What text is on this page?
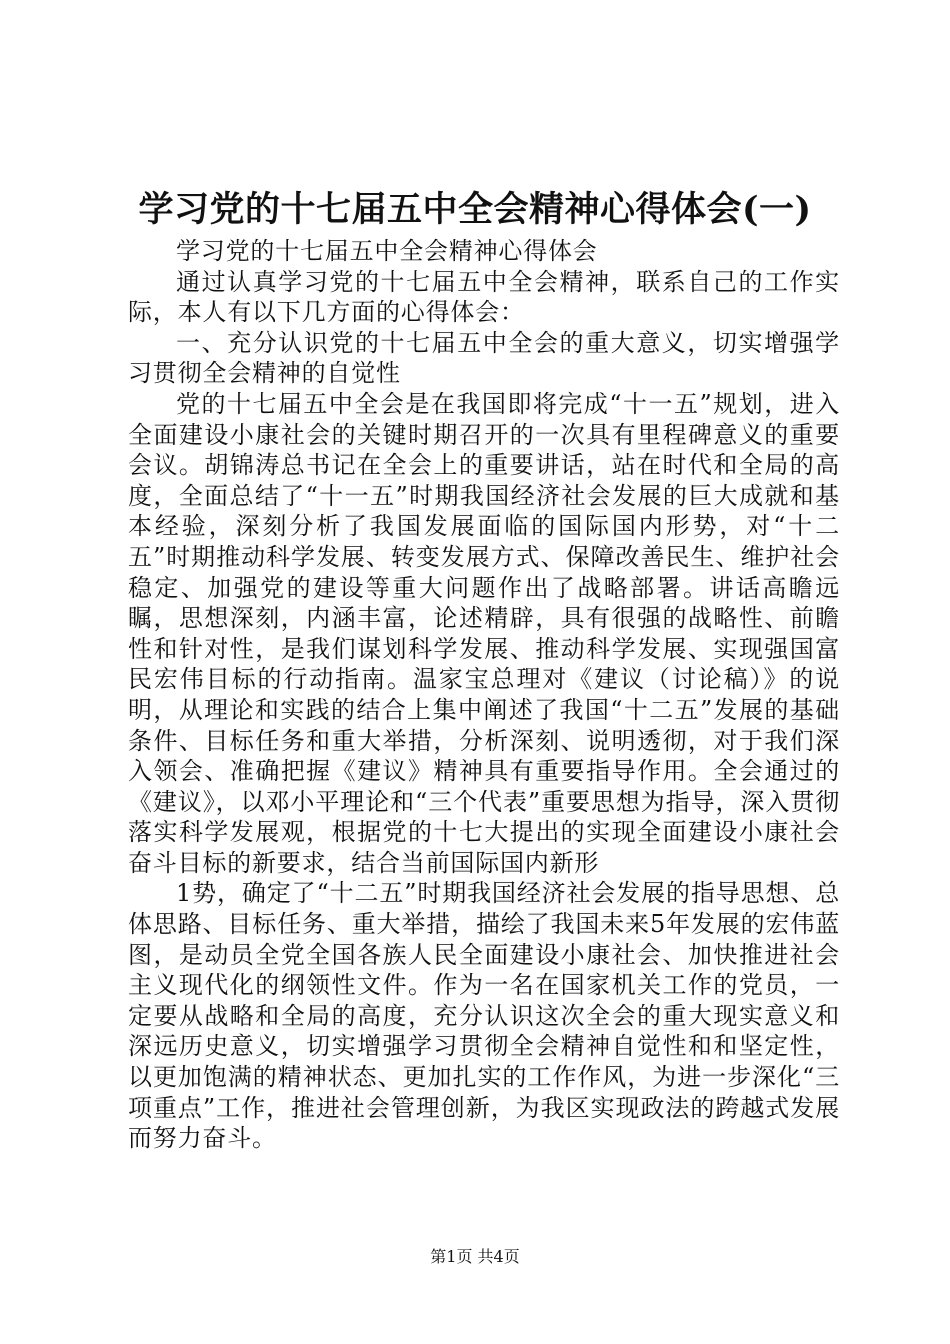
学习党的十七届五中全会精神心得体会(一)

学习党的十七届五中全会精神心得体会

通过认真学习党的十七届五中全会精神，联系自己的工作实际，本人有以下几方面的心得体会：

一、充分认识党的十七届五中全会的重大意义，切实增强学习贯彻全会精神的自觉性

党的十七届五中全会是在我国即将完成“十一五”规划，进入全面建设小康社会的关键时期召开的一次具有里程碑意义的重要会议。胡锦涛总书记在全会上的重要讲话，站在时代和全局的高度，全面总结了“十一五”时期我国经济社会发展的巨大成就和基本经验，深刻分析了我国发展面临的国际国内形势，对“十二五”时期推动科学发展、转变发展方式、保障改善民生、维护社会稳定、加强党的建设等重大问题作出了战略部署。讲话高瞻远瞩，思想深刻，内涵丰富，论述精辟，具有很强的战略性、前瞻性和针对性，是我们谋划科学发展、推动科学发展、实现强国富民宏伟目标的行动指南。温家宝总理对《建议（讨论稿）》的说明，从理论和实践的结合上集中阐述了我国“十二五”发展的基础条件、目标任务和重大举措，分析深刻、说明透彻，对于我们深入领会、准确把握《建议》精神具有重要指导作用。全会通过的《建议》，以邓小平理论和“三个代表”重要思想为指导，深入贯彻落实科学发展观，根据党的十七大提出的实现全面建设小康社会奋斗目标的新要求，结合当前国际国内新形

1势，确定了“十二五”时期我国经济社会发展的指导思想、总体思路、目标任务、重大举措，描绘了我国未来5年发展的宏伟蓝图，是动员全党全国各族人民全面建设小康社会、加快推进社会主义现代化的纲领性文件。作为一名在国家机关工作的党员，一定要从战略和全局的高度，充分认识这次全会的重大现实意义和深远历史意义，切实增强学习贯彻全会精神自觉性和和坚定性，以更加饱满的精神状态、更加扎实的工作作风，为进一步深化“三项重点”工作，推进社会管理创新，为我区实现政法的跨越式发展而努力奋斗。

第1页 共4页
